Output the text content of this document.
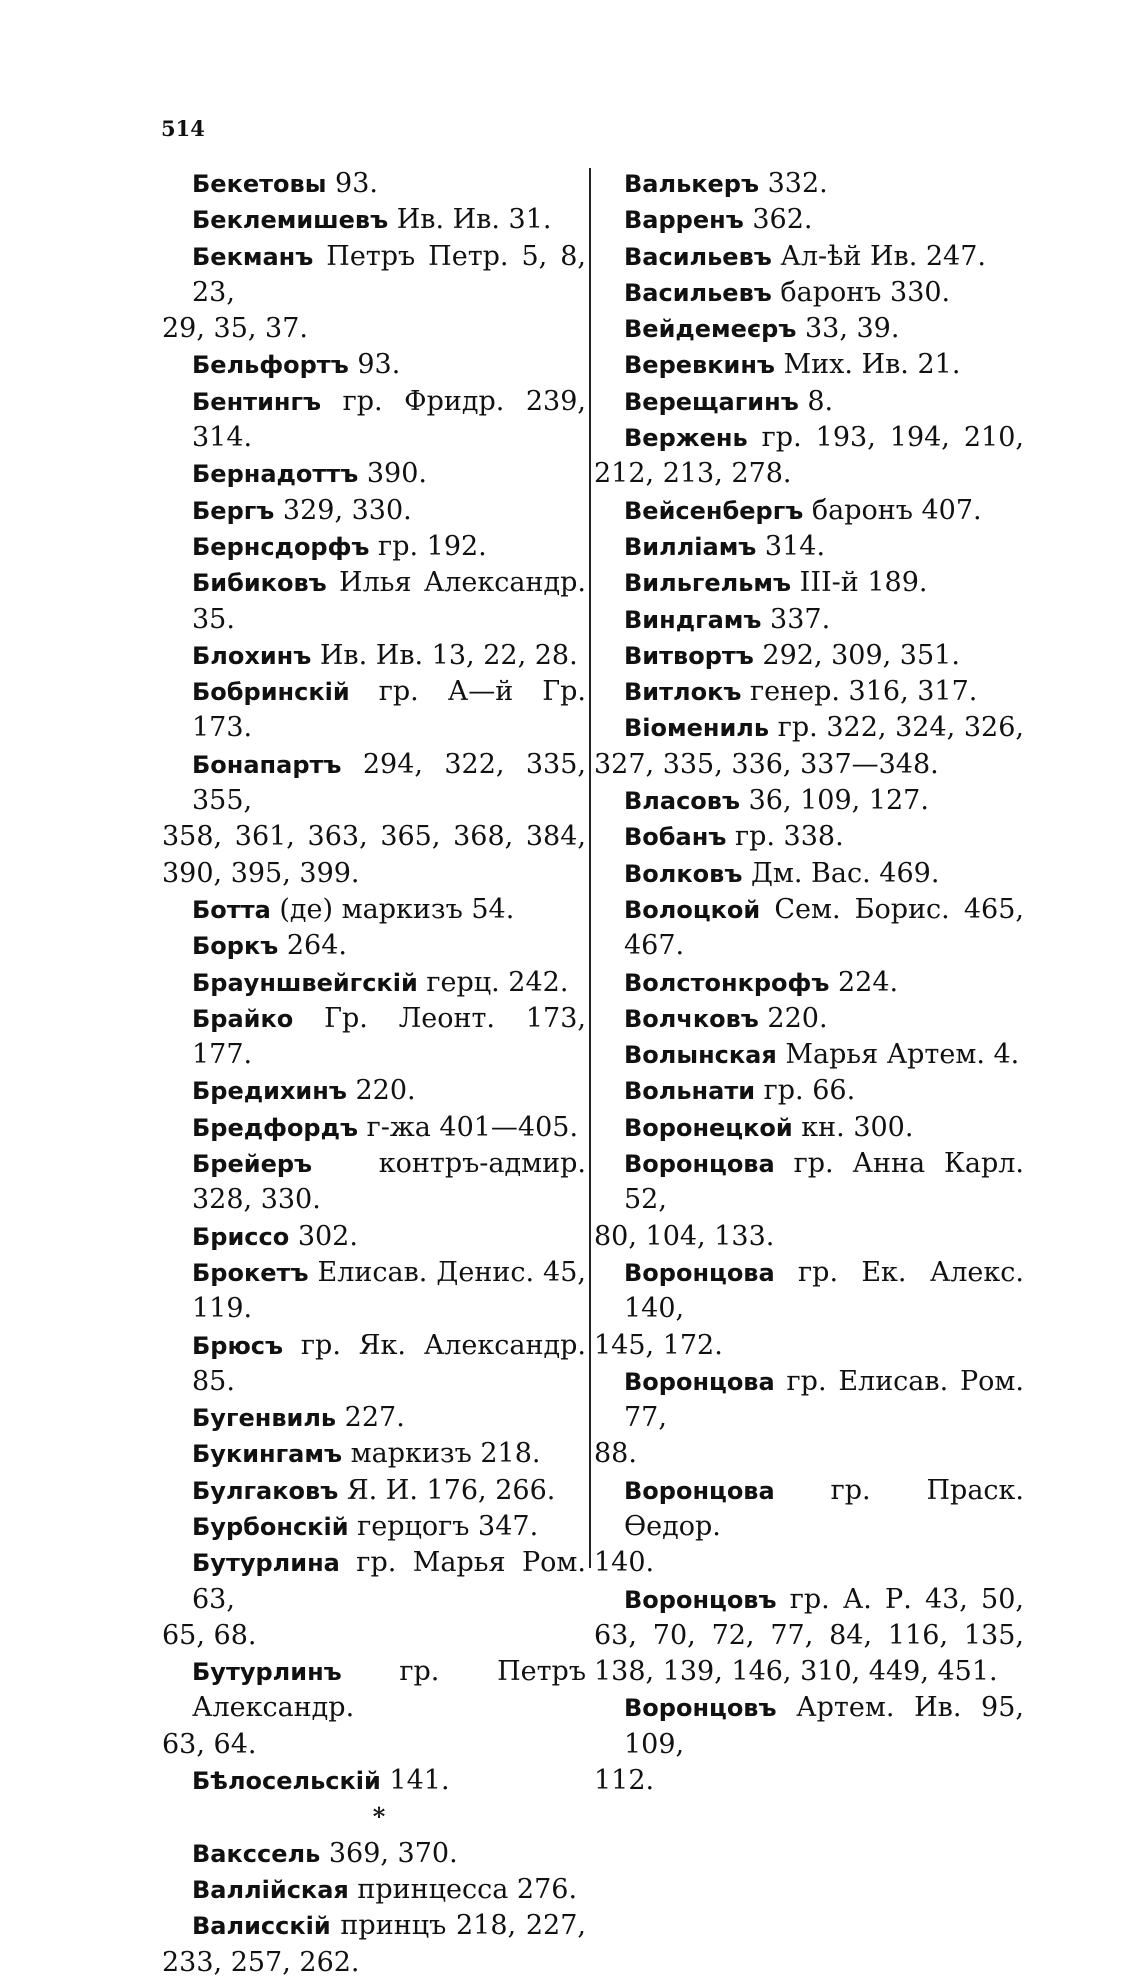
514
Бекетовы 93.
Беклемишевъ Ив. Ив. 31.
Бекманъ Петръ Петр. 5, 8, 23,
29, 35, 37.
Бельфортъ 93.
Бентингъ гр. Фридр. 239, 314.
Бернадоттъ 390.
Бергъ 329, 330.
Бернсдорфъ гр. 192.
Бибиковъ Илья Александр. 35.
Блохинъ Ив. Ив. 13, 22, 28.
Бобринскій гр. А—й Гр. 173.
Бонапартъ 294, 322, 335, 355,
358, 361, 363, 365, 368, 384,
390, 395, 399.
Ботта (де) маркизъ 54.
Боркъ 264.
Брауншвейгскій герц. 242.
Брайко Гр. Леонт. 173, 177.
Бредихинъ 220.
Бредфордъ г-жа 401—405.
Брейеръ контръ-адмир. 328, 330.
Бриссо 302.
Брокетъ Елисав. Денис. 45, 119.
Брюсъ гр. Як. Александр. 85.
Бугенвиль 227.
Букингамъ маркизъ 218.
Булгаковъ Я. И. 176, 266.
Бурбонскій герцогъ 347.
Бутурлина гр. Марья Ром. 63,
65, 68.
Бутурлинъ гр. Петръ Александр.
63, 64.
Бѣлосельскій 141.
*
Вакссель 369, 370.
Валлійская принцесса 276.
Валисскій принцъ 218, 227,
233, 257, 262.
Валькеръ 332.
Варренъ 362.
Васильевъ Ал-ѣй Ив. 247.
Васильевъ баронъ 330.
Вейдемеєръ 33, 39.
Веревкинъ Мих. Ив. 21.
Верещагинъ 8.
Вержень гр. 193, 194, 210,
212, 213, 278.
Вейсенбергъ баронъ 407.
Вилліамъ 314.
Вильгельмъ III-й 189.
Виндгамъ 337.
Витвортъ 292, 309, 351.
Витлокъ генер. 316, 317.
Віомениль гр. 322, 324, 326,
327, 335, 336, 337—348.
Власовъ 36, 109, 127.
Вобанъ гр. 338.
Волковъ Дм. Вас. 469.
Волоцкой Сем. Борис. 465, 467.
Волстонкрофъ 224.
Волчковъ 220.
Волынская Марья Артем. 4.
Вольнати гр. 66.
Воронецкой кн. 300.
Воронцова гр. Анна Карл. 52,
80, 104, 133.
Воронцова гр. Ек. Алекс. 140,
145, 172.
Воронцова гр. Елисав. Ром. 77,
88.
Воронцова гр. Праск. Ѳедор.
140.
Воронцовъ гр. А. Р. 43, 50,
63, 70, 72, 77, 84, 116, 135,
138, 139, 146, 310, 449, 451.
Воронцовъ Артем. Ив. 95, 109,
112.
